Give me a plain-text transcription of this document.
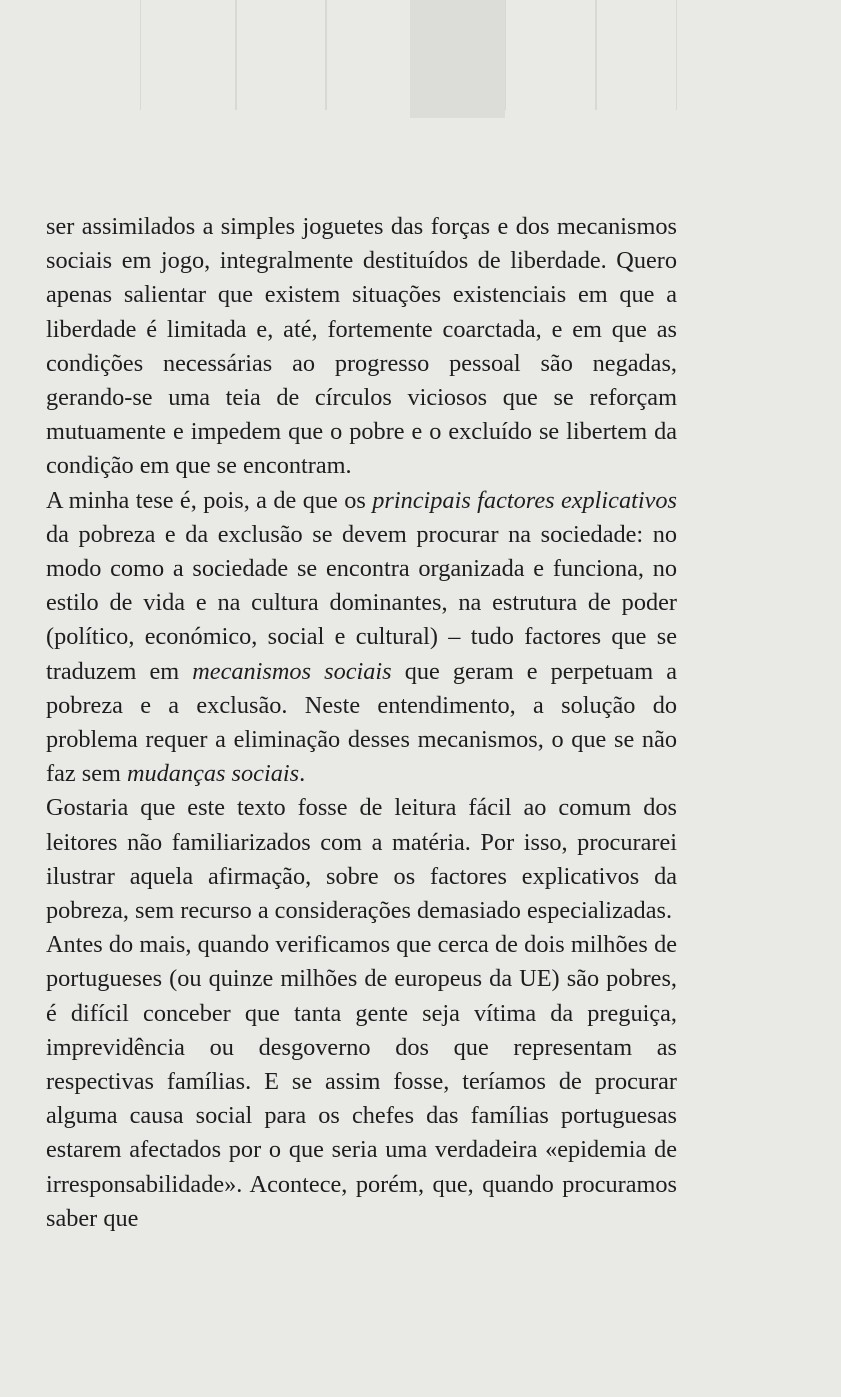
ser assimilados a simples joguetes das forças e dos mecanismos sociais em jogo, integralmente destituídos de liberdade. Quero apenas salientar que existem situações existenciais em que a liberdade é limitada e, até, fortemente coarctada, e em que as condições necessárias ao progresso pessoal são negadas, gerando-se uma teia de círculos viciosos que se reforçam mutuamente e impedem que o pobre e o excluído se libertem da condição em que se encontram.

A minha tese é, pois, a de que os principais factores explicativos da pobreza e da exclusão se devem procurar na sociedade: no modo como a sociedade se encontra organizada e funciona, no estilo de vida e na cultura dominantes, na estrutura de poder (político, económico, social e cultural) – tudo factores que se traduzem em mecanismos sociais que geram e perpetuam a pobreza e a exclusão. Neste entendimento, a solução do problema requer a eliminação desses mecanismos, o que se não faz sem mudanças sociais.

Gostaria que este texto fosse de leitura fácil ao comum dos leitores não familiarizados com a matéria. Por isso, procurarei ilustrar aquela afirmação, sobre os factores explicativos da pobreza, sem recurso a considerações demasiado especializadas.

Antes do mais, quando verificamos que cerca de dois milhões de portugueses (ou quinze milhões de europeus da UE) são pobres, é difícil conceber que tanta gente seja vítima da preguiça, imprevidência ou desgoverno dos que representam as respectivas famílias. E se assim fosse, teríamos de procurar alguma causa social para os chefes das famílias portuguesas estarem afectados por o que seria uma verdadeira «epidemia de irresponsabilidade». Acontece, porém, que, quando procuramos saber que
